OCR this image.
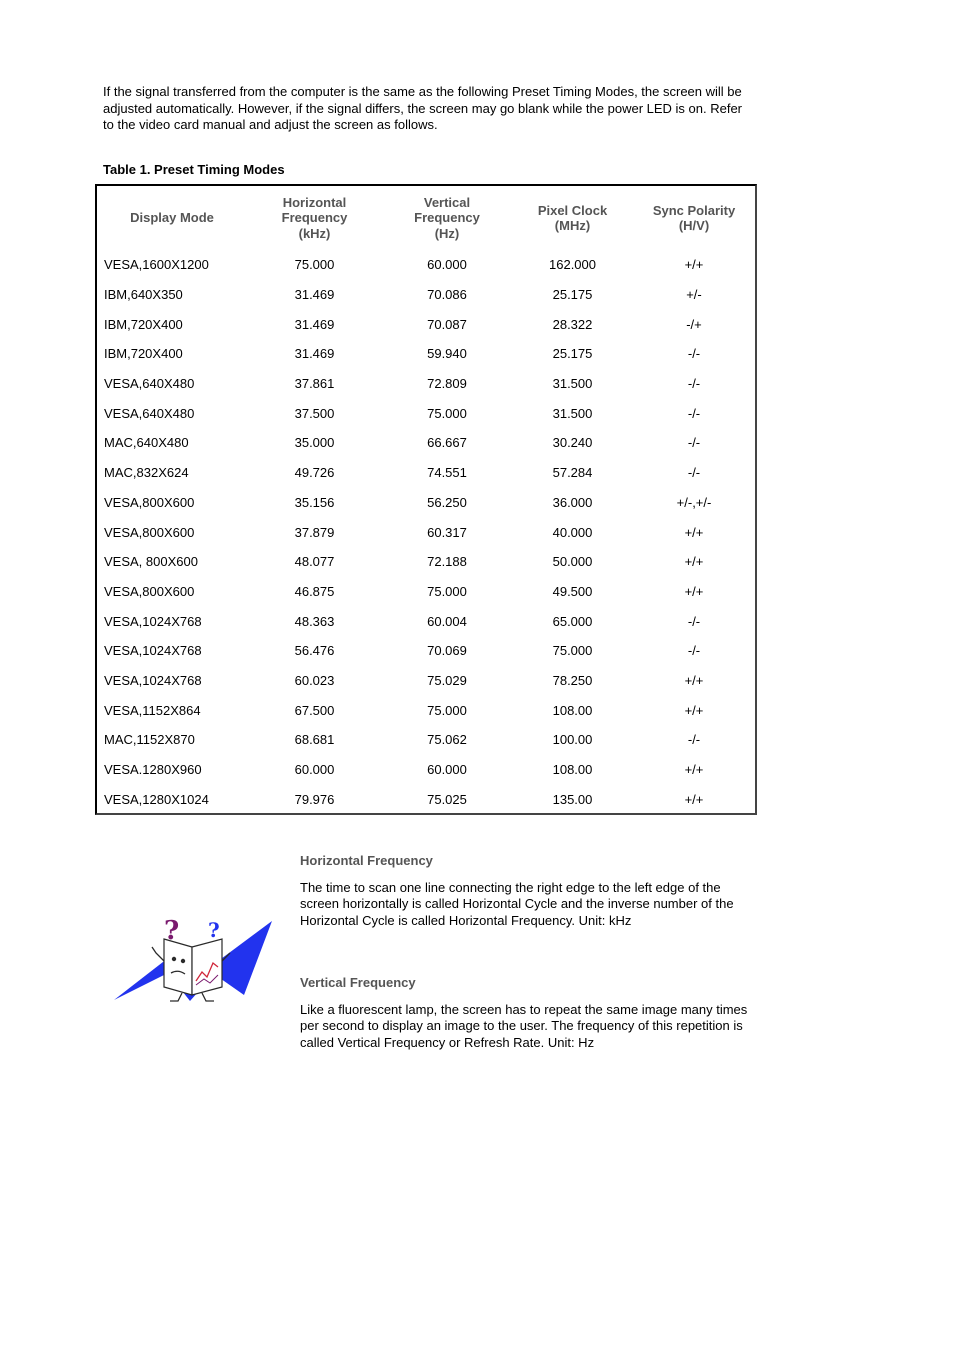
If the signal transferred from the computer is the same as the following Preset Timing Modes, the screen will be adjusted automatically. However, if the signal differs, the screen may go blank while the power LED is on. Refer to the video card manual and adjust the screen as follows.

Table 1. Preset Timing Modes

Display Mode	Horizontal
Frequency
(kHz)	Vertical
Frequency
(Hz)	Pixel Clock
(MHz)	Sync Polarity
(H/V)
VESA,1600X1200	75.000	60.000	162.000	+/+
IBM,640X350	31.469	70.086	25.175	+/-
IBM,720X400	31.469	70.087	28.322	-/+
IBM,720X400	31.469	59.940	25.175	-/-
VESA,640X480	37.861	72.809	31.500	-/-
VESA,640X480	37.500	75.000	31.500	-/-
MAC,640X480	35.000	66.667	30.240	-/-
MAC,832X624	49.726	74.551	57.284	-/-
VESA,800X600	35.156	56.250	36.000	+/-,+/-
VESA,800X600	37.879	60.317	40.000	+/+
VESA, 800X600	48.077	72.188	50.000	+/+
VESA,800X600	46.875	75.000	49.500	+/+
VESA,1024X768	48.363	60.004	65.000	-/-
VESA,1024X768	56.476	70.069	75.000	-/-
VESA,1024X768	60.023	75.029	78.250	+/+
VESA,1152X864	67.500	75.000	108.00	+/+
MAC,1152X870	68.681	75.062	100.00	-/-
VESA.1280X960	60.000	60.000	108.00	+/+
VESA,1280X1024	79.976	75.025	135.00	+/+
? ?

Horizontal Frequency

The time to scan one line connecting the right edge to the left edge of the screen horizontally is called Horizontal Cycle and the inverse number of the Horizontal Cycle is called Horizontal Frequency. Unit: kHz

Vertical Frequency

Like a fluorescent lamp, the screen has to repeat the same image many times per second to display an image to the user. The frequency of this repetition is called Vertical Frequency or Refresh Rate. Unit: Hz
